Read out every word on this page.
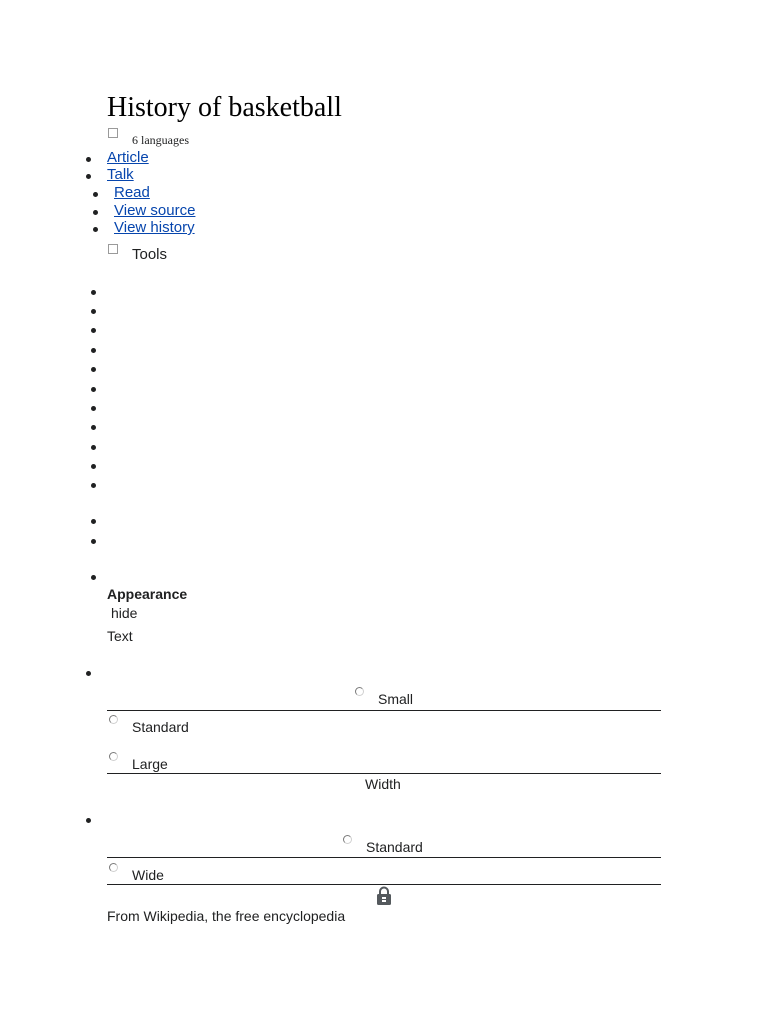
History of basketball
6 languages
Article
Talk
Read
View source
View history
Tools
Appearance
hide
Text
Small
Standard
Large
Width
Standard
Wide
From Wikipedia, the free encyclopedia
